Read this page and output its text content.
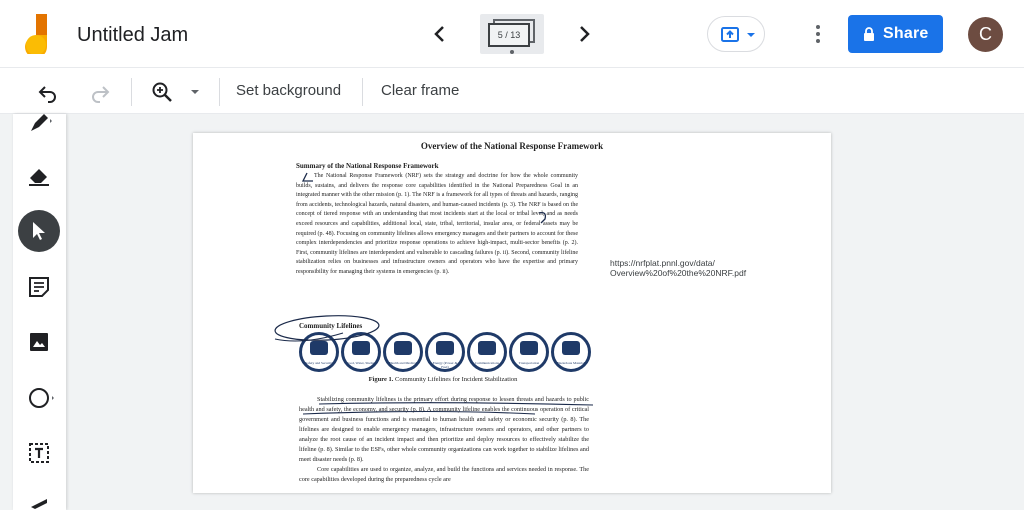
Untitled Jam	5 / 13	Share	C
Set background	Clear frame
Overview of the National Response Framework
Summary of the National Response Framework
The National Response Framework (NRF) sets the strategy and doctrine for how the whole community builds, sustains, and delivers the response core capabilities identified in the National Preparedness Goal in an integrated manner with the other mission (p. 1). The NRF is a framework for all types of threats and hazards, ranging from accidents, technological hazards, natural disasters, and human-caused incidents (p. 3). The NRF is based on the concept of tiered response with an understanding that most incidents start at the local or tribal level, and as needs exceed resources and capabilities, additional local, state, tribal, territorial, insular area, or federal assets may be required (p. 48). Focusing on community lifelines allows emergency managers and their partners to account for these complex interdependencies and prioritize response operations to achieve high-impact, multi-sector benefits (p. 2). First, community lifelines are interdependent and vulnerable to cascading failures (p. ii). Second, community lifeline stabilization relies on businesses and infrastructure owners and operators who have the expertise and primary responsibility for managing their systems in emergencies (p. ii).
Community Lifelines
Safety and Security	Food, Water, Shelter	Health and Medical	Energy (Power & Fuel)
Communications	Transportation	Hazardous Material
Figure 1. Community Lifelines for Incident Stabilization
Stabilizing community lifelines is the primary effort during response to lessen threats and hazards to public health and safety, the economy, and security (p. 8). A community lifeline enables the continuous operation of critical government and business functions and is essential to human health and safety or economic security (p. 8). The lifelines are designed to enable emergency managers, infrastructure owners and operators, and other partners to analyze the root cause of an incident impact and then prioritize and deploy resources to effectively stabilize the lifeline (p. 8). Similar to the ESFs, other whole community organizations can work together to stabilize lifelines and meet disaster needs (p. 8).
Core capabilities are used to organize, analyze, and build the functions and services needed in response. The core capabilities developed during the preparedness cycle are
https://nrfplat.pnnl.gov/data/
Overview%20of%20the%20NRF.pdf
